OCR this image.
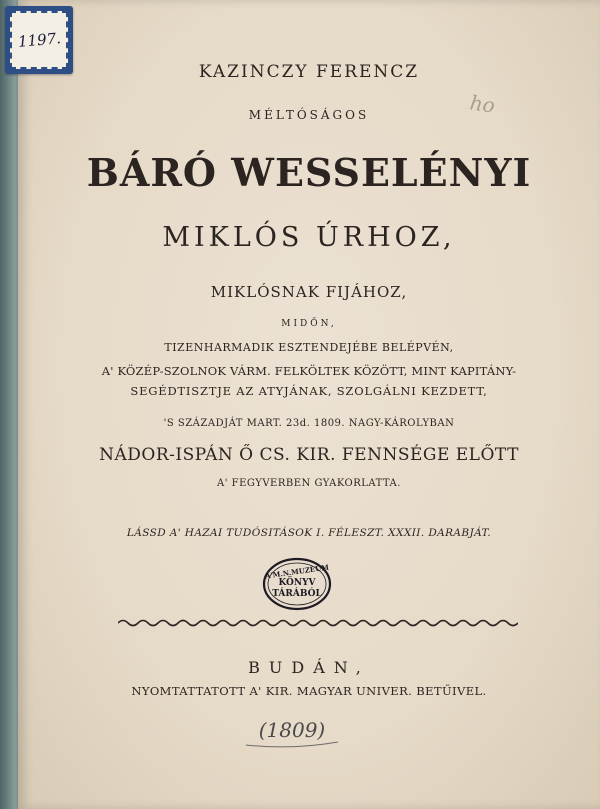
1197.
ho
KAZINCZY FERENCZ
MÉLTÓSÁGOS
BÁRÓ WESSELÉNYI
MIKLÓS ÚRHOZ,
MIKLÓSNAK FIJÁHOZ,
MIDŐN,
TIZENHARMADIK ESZTENDEJÉBE BELÉPVÉN,
A' KÖZÉP-SZOLNOK VÁRM. FELKÖLTEK KÖZÖTT, MINT KAPITÁNY-
SEGÉDTISZTJE AZ ATYJÁNAK, SZOLGÁLNI KEZDETT,
'S SZÁZADJÁT MART. 23d. 1809. NAGY-KÁROLYBAN
NÁDOR-ISPÁN Ő CS. KIR. FENNSÉGE ELŐTT
A' FEGYVERBEN GYAKORLATTA.
LÁSSD A' HAZAI TUDÓSITÁSOK I. FÉLESZT. XXXII. DARABJÁT.
A'M.N.MUZEUM
KÖNYV
TÁRÁBÓL
BUDÁN,
NYOMTATTATOTT A' KIR. MAGYAR UNIVER. BETŰIVEL.
(1809)
